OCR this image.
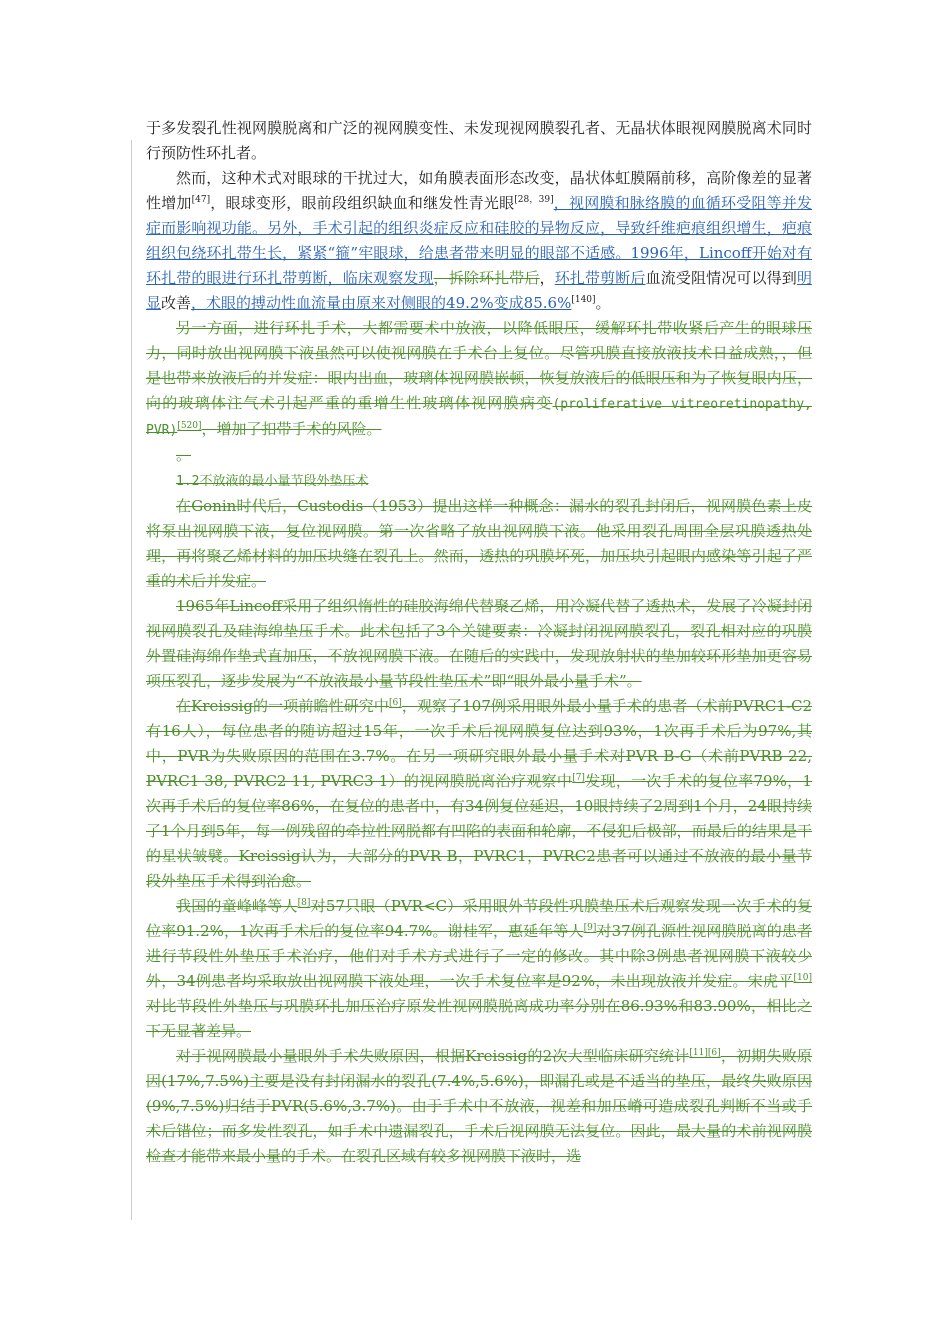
于多发裂孔性视网膜脱离和广泛的视网膜变性、未发现视网膜裂孔者、无晶状体眼视网膜脱离术同时行预防性环扎者。

然而，这种术式对眼球的干扰过大，如角膜表面形态改变，晶状体虹膜隔前移，高阶像差的显著性增加[47]，眼球变形，眼前段组织缺血和继发性青光眼[28，39]，视网膜和脉络膜的血循环受阻等并发症而影响视功能。另外，手术引起的组织炎症反应和硅胶的异物反应，导致纤维疤痕组织增生，疤痕组织包绕环扎带生长，紧紧“箍”牢眼球，给患者带来明显的眼部不适感。1996年，Lincoff开始对有环扎带的眼进行环扎带剪断，临床观察发现，拆除环扎带后，环扎带剪断后血流受阻情况可以得到明显改善，术眼的搏动性血流量由原来对侧眼的49.2%变成85.6%[140]。

另一方面，进行环扎手术，大都需要术中放液，以降低眼压，缓解环扎带收紧后产生的眼球压力，同时放出视网膜下液虽然可以使视网膜在手术台上复位。尽管巩膜直接放液技术日益成熟，，但是也带来放液后的并发症：眼内出血，玻璃体视网膜嵌顿，恢复放液后的低眼压和为了恢复眼内压，向的玻璃体注气术引起严重的重增生性玻璃体视网膜病变(proliferative vitreoretinopathy, PVR)[520]，增加了扣带手术的风险。

。

1.2不放液的最小量节段外垫压术

在Gonin时代后，Custodis（1953）提出这样一种概念：漏水的裂孔封闭后，视网膜色素上皮将泵出视网膜下液，复位视网膜。第一次省略了放出视网膜下液。他采用裂孔周围全层巩膜透热处理，再将聚乙烯材料的加压块缝在裂孔上。然而，透热的巩膜坏死，加压块引起眼内感染等引起了严重的术后并发症。

1965年Lincoff采用了组织惰性的硅胶海绵代替聚乙烯，用冷凝代替了透热术，发展了冷凝封闭视网膜裂孔及硅海绵垫压手术。此术包括了3个关键要素：冷凝封闭视网膜裂孔，裂孔相对应的巩膜外置硅海绵作垫式直加压，不放视网膜下液。在随后的实践中，发现放射状的垫加较环形垫加更容易项压裂孔，逐步发展为“不放液最小量节段性垫压术”即“眼外最小量手术”。

在Kreissig的一项前瞻性研究中[6]，观察了107例采用眼外最小量手术的患者（术前PVRC1-C2有16人），每位患者的随访超过15年，一次手术后视网膜复位达到93%，1次再手术后为97%,其中，PVR为失败原因的范围在3.7%。在另一项研究眼外最小量手术对PVR B-G（术前PVRB 22, PVRC1 38, PVRC2 11, PVRC3 1）的视网膜脱离治疗观察中[7]发现，一次手术的复位率79%，1次再手术后的复位率86%，在复位的患者中，有34例复位延迟，10眼持续了2周到1个月，24眼持续了1个月到5年，每一例残留的牵拉性网脱都有凹陷的表面和轮廓，不侵犯后极部，而最后的结果是干的星状皱襞。Kreissig认为，大部分的PVR B，PVRC1，PVRC2患者可以通过不放液的最小量节段外垫压手术得到治愈。

我国的童峰峰等人[8]对57只眼（PVR<C）采用眼外节段性巩膜垫压术后观察发现一次手术的复位率91.2%，1次再手术后的复位率94.7%。谢桂军，惠延年等人[9]对37例孔源性视网膜脱离的患者进行节段性外垫压手术治疗，他们对手术方式进行了一定的修改。其中除3例患者视网膜下液较少外，34例患者均采取放出视网膜下液处理，一次手术复位率是92%，未出现放液并发症。宋虎平[10]对比节段性外垫压与巩膜环扎加压治疗原发性视网膜脱离成功率分别在86.93%和83.90%，相比之下无显著差异。

对于视网膜最小量眼外手术失败原因，根据Kreissig的2次大型临床研究统计[11][6]，初期失败原因(17%,7.5%)主要是没有封闭漏水的裂孔(7.4%,5.6%)，即漏孔或是不适当的垫压，最终失败原因(9%,7.5%)归结于PVR(5.6%,3.7%)。由于手术中不放液，视差和加压嵴可造成裂孔判断不当或手术后错位；而多发性裂孔，如手术中遗漏裂孔，手术后视网膜无法复位。因此，最大量的术前视网膜检查才能带来最小量的手术。在裂孔区域有较多视网膜下液时，选
